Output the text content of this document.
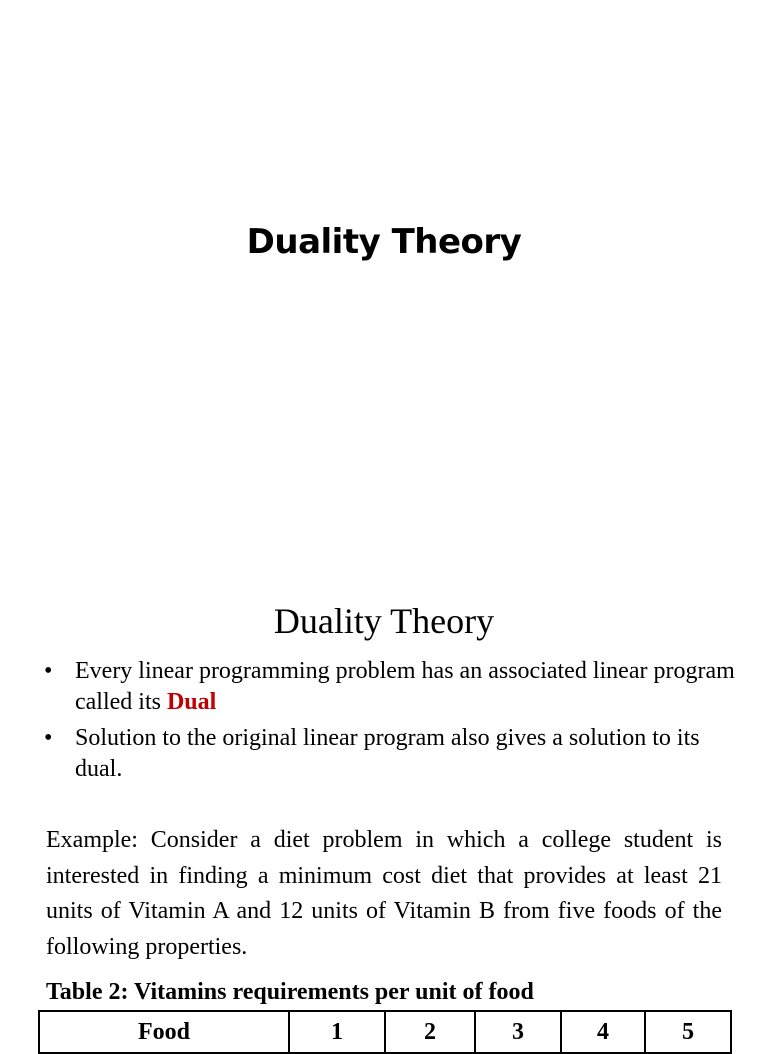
Duality Theory
Duality Theory
• Every linear programming problem has an associated linear program called its Dual
• Solution to the original linear program also gives a solution to its dual.

Example: Consider a diet problem in which a college student is interested in finding a minimum cost diet that provides at least 21 units of Vitamin A and 12 units of Vitamin B from five foods of the following properties.

Table 2: Vitamins requirements per unit of food
Food	1	2	3	4	5
